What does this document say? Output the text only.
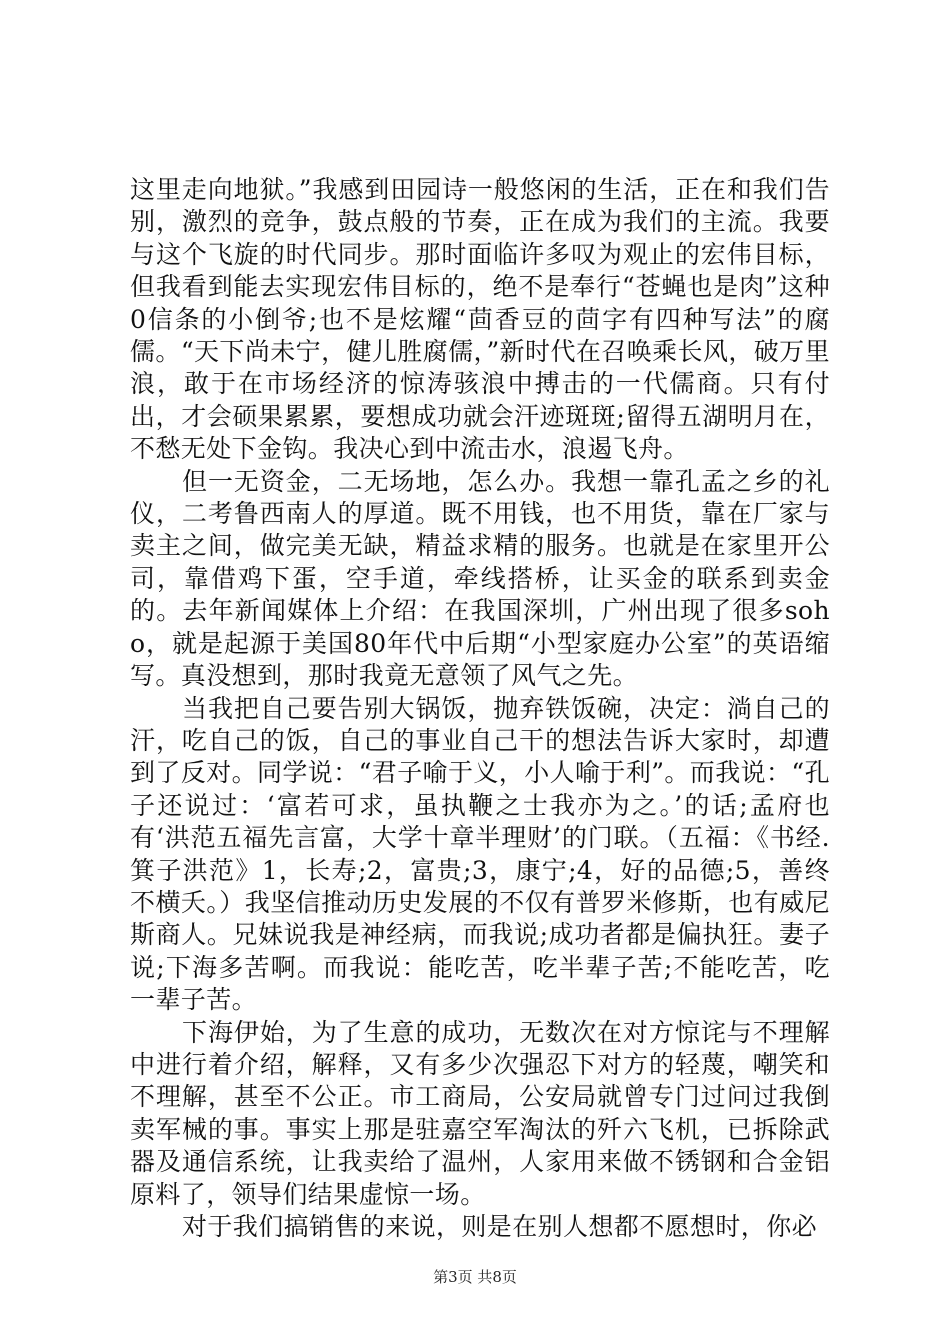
这里走向地狱。”我感到田园诗一般悠闲的生活，正在和我们告别，激烈的竞争，鼓点般的节奏，正在成为我们的主流。我要与这个飞旋的时代同步。那时面临许多叹为观止的宏伟目标，但我看到能去实现宏伟目标的，绝不是奉行“苍蝇也是肉”这种0信条的小倒爷;也不是炫耀“茴香豆的茴字有四种写法”的腐儒。“天下尚未宁，健儿胜腐儒，”新时代在召唤乘长风，破万里浪，敢于在市场经济的惊涛骇浪中搏击的一代儒商。只有付出，才会硕果累累，要想成功就会汗迹斑斑;留得五湖明月在，不愁无处下金钩。我决心到中流击水，浪遏飞舟。

但一无资金，二无场地，怎么办。我想一靠孔孟之乡的礼仪，二考鲁西南人的厚道。既不用钱，也不用货，靠在厂家与卖主之间，做完美无缺，精益求精的服务。也就是在家里开公司，靠借鸡下蛋，空手道，牵线搭桥，让买金的联系到卖金的。去年新闻媒体上介绍：在我国深圳，广州出现了很多soho，就是起源于美国80年代中后期“小型家庭办公室”的英语缩写。真没想到，那时我竟无意领了风气之先。

当我把自己要告别大锅饭，抛弃铁饭碗，决定：淌自己的汗，吃自己的饭，自己的事业自己干的想法告诉大家时，却遭到了反对。同学说：“君子喻于义，小人喻于利”。而我说：“孔子还说过：‘富若可求，虽执鞭之士我亦为之。’的话;孟府也有‘洪范五福先言富，大学十章半理财’的门联。（五福：《书经.箕子洪范》1，长寿;2，富贵;3，康宁;4，好的品德;5，善终不横夭。）我坚信推动历史发展的不仅有普罗米修斯，也有威尼斯商人。兄妹说我是神经病，而我说;成功者都是偏执狂。妻子说;下海多苦啊。而我说：能吃苦，吃半辈子苦;不能吃苦，吃一辈子苦。

下海伊始，为了生意的成功，无数次在对方惊诧与不理解中进行着介绍，解释，又有多少次强忍下对方的轻蔑，嘲笑和不理解，甚至不公正。市工商局，公安局就曾专门过问过我倒卖军械的事。事实上那是驻嘉空军淘汰的歼六飞机，已拆除武器及通信系统，让我卖给了温州，人家用来做不锈钢和合金铝原料了，领导们结果虚惊一场。

对于我们搞销售的来说，则是在别人想都不愿想时，你必

第3页 共8页
